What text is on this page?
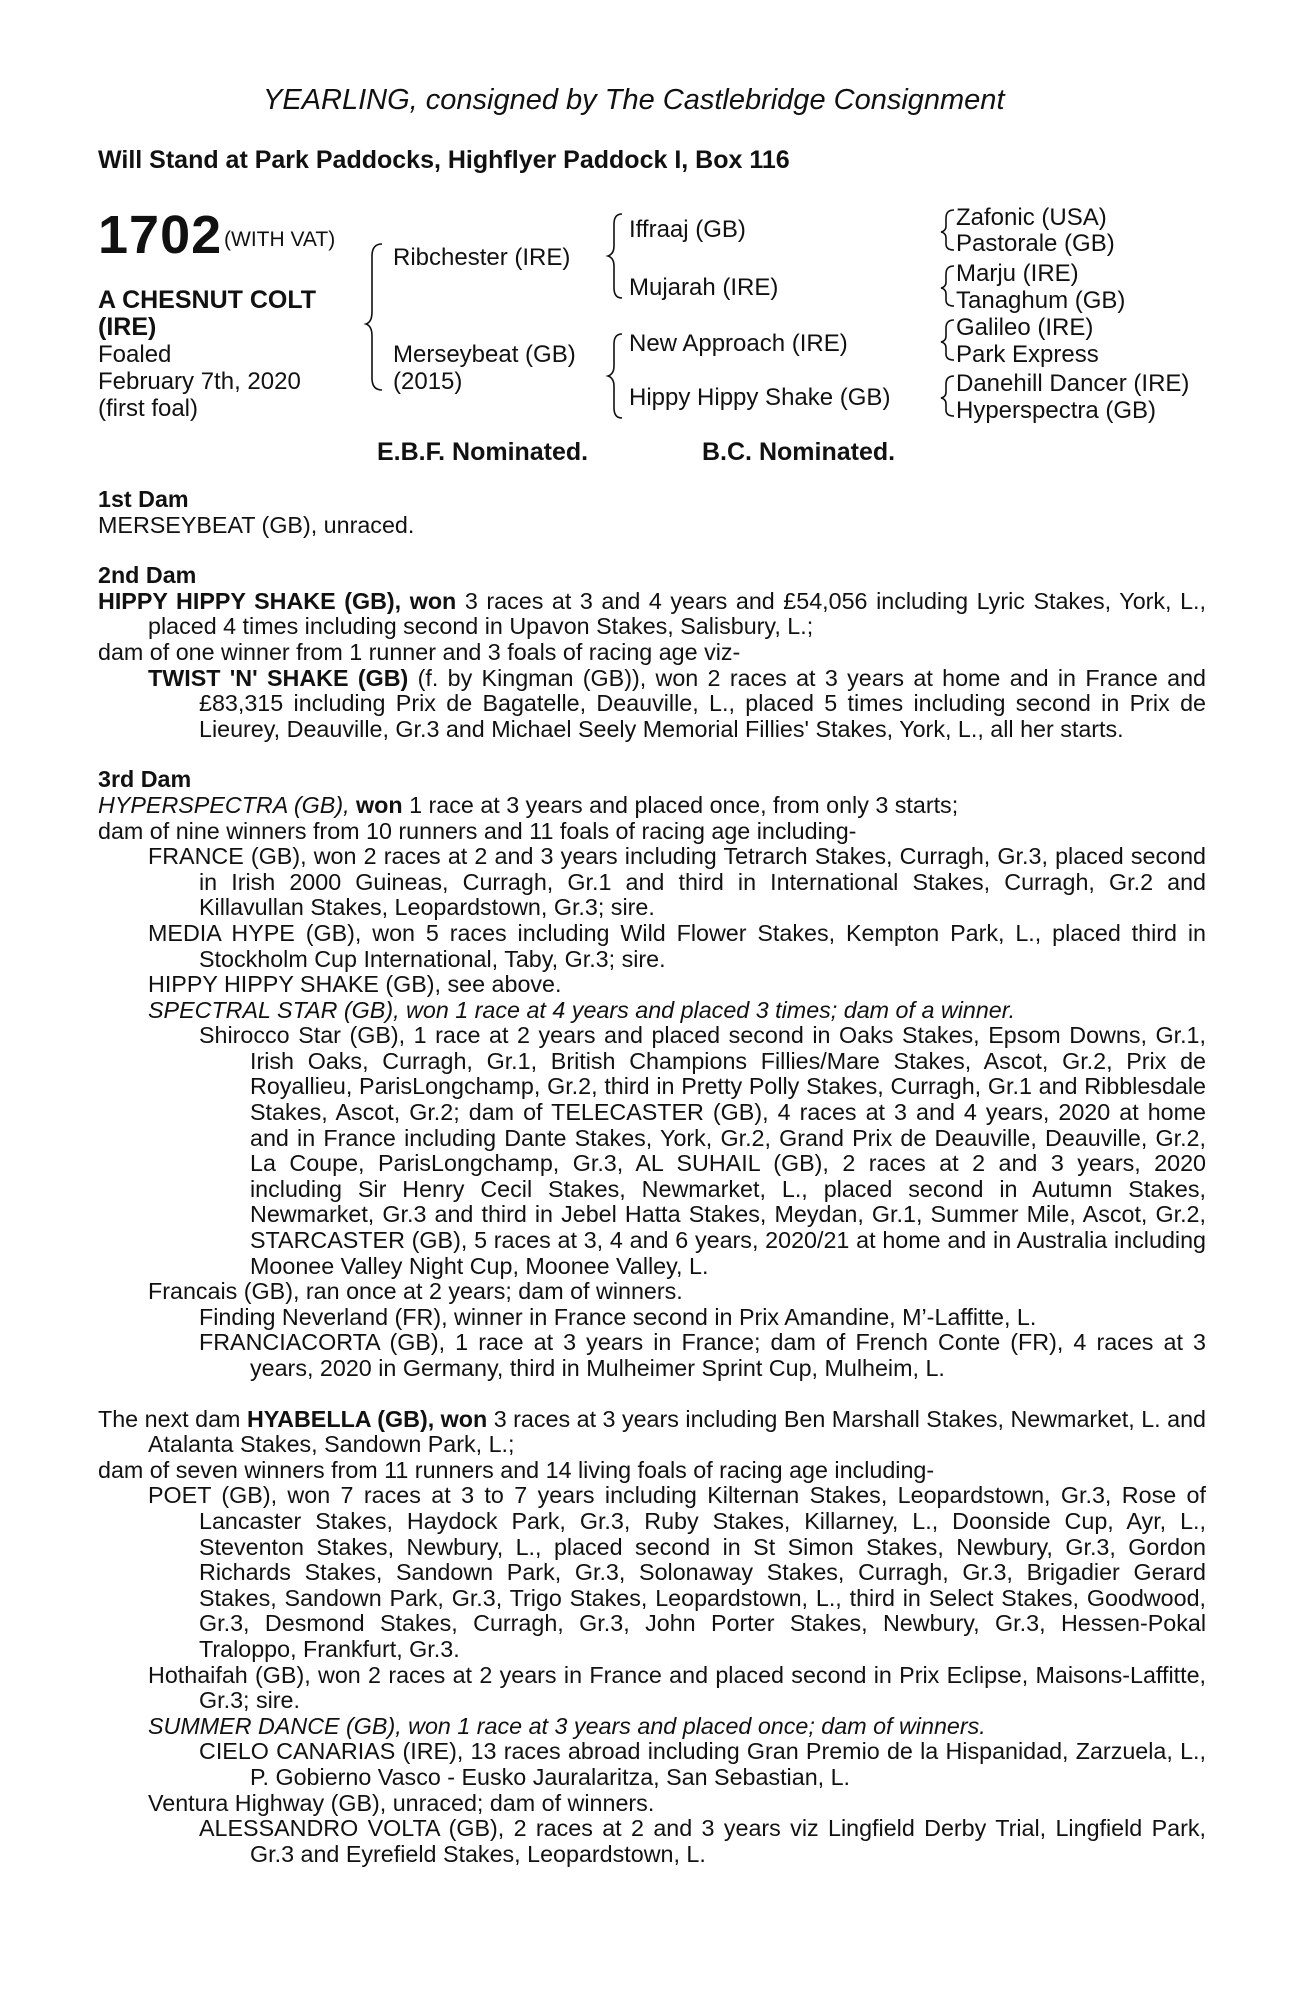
YEARLING, consigned by The Castlebridge Consignment
Will Stand at Park Paddocks, Highflyer Paddock I, Box 116
1702 (WITH VAT)
A CHESNUT COLT
(IRE)
Foaled
February 7th, 2020
(first foal)
Ribchester (IRE)
Merseybeat (GB)
(2015)
Iffraaj (GB)
Mujarah (IRE)
New Approach (IRE)
Hippy Hippy Shake (GB)
Zafonic (USA)
Pastorale (GB)
Marju (IRE)
Tanaghum (GB)
Galileo (IRE)
Park Express
Danehill Dancer (IRE)
Hyperspectra (GB)
E.B.F. Nominated.	B.C. Nominated.
1st Dam
MERSEYBEAT (GB), unraced.
2nd Dam
HIPPY HIPPY SHAKE (GB), won 3 races at 3 and 4 years and £54,056 including Lyric Stakes, York, L., placed 4 times including second in Upavon Stakes, Salisbury, L.;
dam of one winner from 1 runner and 3 foals of racing age viz-
TWIST 'N' SHAKE (GB) (f. by Kingman (GB)), won 2 races at 3 years at home and in France and £83,315 including Prix de Bagatelle, Deauville, L., placed 5 times including second in Prix de Lieurey, Deauville, Gr.3 and Michael Seely Memorial Fillies' Stakes, York, L., all her starts.
3rd Dam
HYPERSPECTRA (GB), won 1 race at 3 years and placed once, from only 3 starts;
dam of nine winners from 10 runners and 11 foals of racing age including-
FRANCE (GB), won 2 races at 2 and 3 years including Tetrarch Stakes, Curragh, Gr.3, placed second in Irish 2000 Guineas, Curragh, Gr.1 and third in International Stakes, Curragh, Gr.2 and Killavullan Stakes, Leopardstown, Gr.3; sire.
MEDIA HYPE (GB), won 5 races including Wild Flower Stakes, Kempton Park, L., placed third in Stockholm Cup International, Taby, Gr.3; sire.
HIPPY HIPPY SHAKE (GB), see above.
SPECTRAL STAR (GB), won 1 race at 4 years and placed 3 times; dam of a winner.
Shirocco Star (GB), 1 race at 2 years and placed second in Oaks Stakes, Epsom Downs, Gr.1, Irish Oaks, Curragh, Gr.1, British Champions Fillies/Mare Stakes, Ascot, Gr.2, Prix de Royallieu, ParisLongchamp, Gr.2, third in Pretty Polly Stakes, Curragh, Gr.1 and Ribblesdale Stakes, Ascot, Gr.2; dam of TELECASTER (GB), 4 races at 3 and 4 years, 2020 at home and in France including Dante Stakes, York, Gr.2, Grand Prix de Deauville, Deauville, Gr.2, La Coupe, ParisLongchamp, Gr.3, AL SUHAIL (GB), 2 races at 2 and 3 years, 2020 including Sir Henry Cecil Stakes, Newmarket, L., placed second in Autumn Stakes, Newmarket, Gr.3 and third in Jebel Hatta Stakes, Meydan, Gr.1, Summer Mile, Ascot, Gr.2, STARCASTER (GB), 5 races at 3, 4 and 6 years, 2020/21 at home and in Australia including Moonee Valley Night Cup, Moonee Valley, L.
Francais (GB), ran once at 2 years; dam of winners.
Finding Neverland (FR), winner in France second in Prix Amandine, M’-Laffitte, L.
FRANCIACORTA (GB), 1 race at 3 years in France; dam of French Conte (FR), 4 races at 3 years, 2020 in Germany, third in Mulheimer Sprint Cup, Mulheim, L.
The next dam HYABELLA (GB), won 3 races at 3 years including Ben Marshall Stakes, Newmarket, L. and Atalanta Stakes, Sandown Park, L.;
dam of seven winners from 11 runners and 14 living foals of racing age including-
POET (GB), won 7 races at 3 to 7 years including Kilternan Stakes, Leopardstown, Gr.3, Rose of Lancaster Stakes, Haydock Park, Gr.3, Ruby Stakes, Killarney, L., Doonside Cup, Ayr, L., Steventon Stakes, Newbury, L., placed second in St Simon Stakes, Newbury, Gr.3, Gordon Richards Stakes, Sandown Park, Gr.3, Solonaway Stakes, Curragh, Gr.3, Brigadier Gerard Stakes, Sandown Park, Gr.3, Trigo Stakes, Leopardstown, L., third in Select Stakes, Goodwood, Gr.3, Desmond Stakes, Curragh, Gr.3, John Porter Stakes, Newbury, Gr.3, Hessen-Pokal Traloppo, Frankfurt, Gr.3.
Hothaifah (GB), won 2 races at 2 years in France and placed second in Prix Eclipse, Maisons-Laffitte, Gr.3; sire.
SUMMER DANCE (GB), won 1 race at 3 years and placed once; dam of winners.
CIELO CANARIAS (IRE), 13 races abroad including Gran Premio de la Hispanidad, Zarzuela, L., P. Gobierno Vasco - Eusko Jauralaritza, San Sebastian, L.
Ventura Highway (GB), unraced; dam of winners.
ALESSANDRO VOLTA (GB), 2 races at 2 and 3 years viz Lingfield Derby Trial, Lingfield Park, Gr.3 and Eyrefield Stakes, Leopardstown, L.
